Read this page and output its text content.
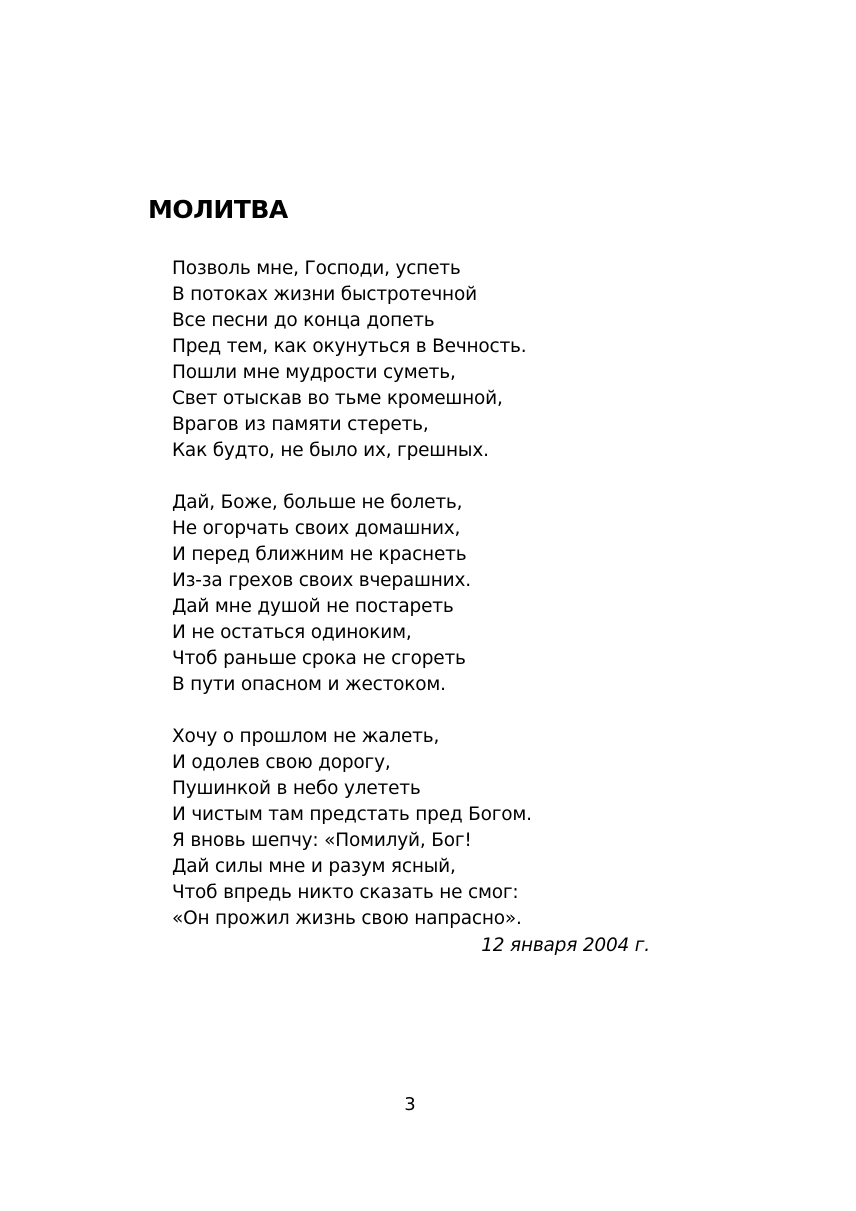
МОЛИТВА
Позволь мне, Господи, успеть
В потоках жизни быстротечной
Все песни до конца допеть
Пред тем, как окунуться в Вечность.
Пошли мне мудрости суметь,
Свет отыскав во тьме кромешной,
Врагов из памяти стереть,
Как будто, не было их, грешных.
Дай, Боже, больше не болеть,
Не огорчать своих домашних,
И перед ближним не краснеть
Из-за грехов своих вчерашних.
Дай мне душой не постареть
И не остаться одиноким,
Чтоб раньше срока не сгореть
В пути опасном и жестоком.
Хочу о прошлом не жалеть,
И одолев свою дорогу,
Пушинкой в небо улететь
И чистым там предстать пред Богом.
Я вновь шепчу: «Помилуй, Бог!
Дай силы мне и разум ясный,
Чтоб впредь никто сказать не смог:
«Он прожил жизнь свою напрасно».
12 января 2004 г.
3
